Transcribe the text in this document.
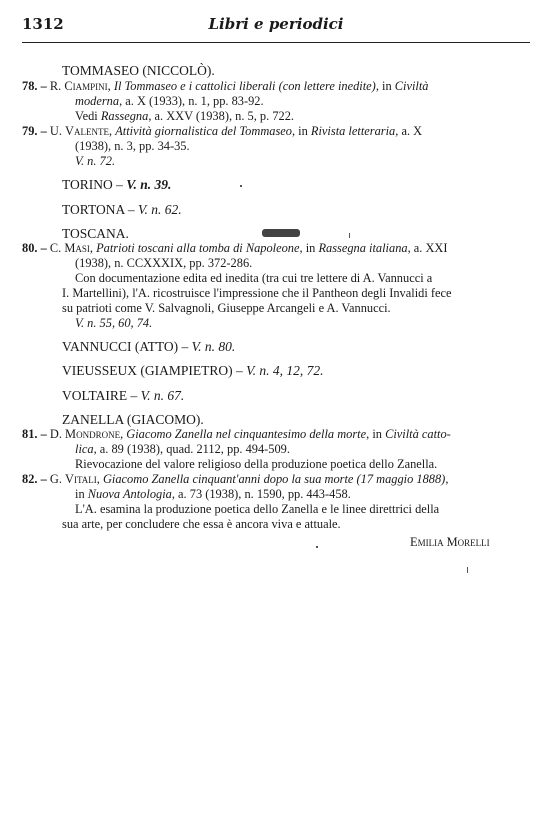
1312	Libri e periodici
TOMMASEO (NICCOLÒ).
78. – R. Ciampini, Il Tommaseo e i cattolici liberali (con lettere inedite), in Civiltà
moderna, a. X (1933), n. 1, pp. 83-92.
Vedi Rassegna, a. XXV (1938), n. 5, p. 722.
79. – U. Valente, Attività giornalistica del Tommaseo, in Rivista letteraria, a. X
(1938), n. 3, pp. 34-35.
V. n. 72.
TORINO – V. n. 39.
TORTONA – V. n. 62.
TOSCANA.
80. – C. Masi, Patrioti toscani alla tomba di Napoleone, in Rassegna italiana, a. XXI
(1938), n. CCXXXIX, pp. 372-286.
Con documentazione edita ed inedita (tra cui tre lettere di A. Vannucci a
I. Martellini), l'A. ricostruisce l'impressione che il Pantheon degli Invalidi fece
su patrioti come V. Salvagnoli, Giuseppe Arcangeli e A. Vannucci.
V. n. 55, 60, 74.
VANNUCCI (ATTO) – V. n. 80.
VIEUSSEUX (GIAMPIETRO) – V. n. 4, 12, 72.
VOLTAIRE – V. n. 67.
ZANELLA (GIACOMO).
81. – D. Mondrone, Giacomo Zanella nel cinquantesimo della morte, in Civiltà catto-
lica, a. 89 (1938), quad. 2112, pp. 494-509.
Rievocazione del valore religioso della produzione poetica dello Zanella.
82. – G. Vitali, Giacomo Zanella cinquant'anni dopo la sua morte (17 maggio 1888),
in Nuova Antologia, a. 73 (1938), n. 1590, pp. 443-458.
L'A. esamina la produzione poetica dello Zanella e le linee direttrici della
sua arte, per concludere che essa è ancora viva e attuale.
Emilia Morelli
